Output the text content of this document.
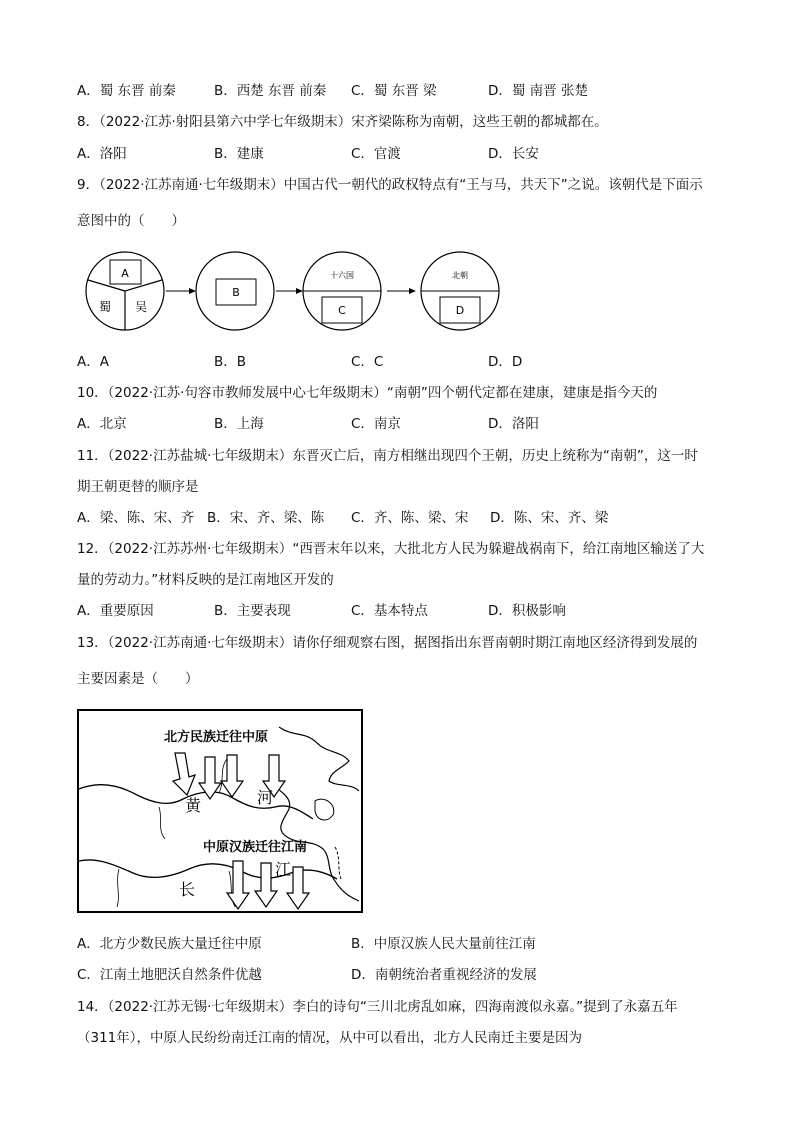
A．蜀 东晋 前秦	B．西楚 东晋 前秦 C．蜀 东晋 梁	D．蜀 南晋 张楚
8．（2022·江苏·射阳县第六中学七年级期末）宋齐梁陈称为南朝，这些王朝的都城都在。
A．洛阳	B．建康	C．官渡	D．长安
9．（2022·江苏南通·七年级期末）中国古代一朝代的政权特点有“王与马，共天下”之说。该朝代是下面示
意图中的（　　）
A
蜀 吴
B
十六国
C
北朝
D
A．A	B．B	C．C	D．D
10．（2022·江苏·句容市教师发展中心七年级期末）“南朝”四个朝代定都在建康，建康是指今天的
A．北京	B．上海	C．南京	D．洛阳
11．（2022·江苏盐城·七年级期末）东晋灭亡后，南方相继出现四个王朝，历史上统称为“南朝”，这一时
期王朝更替的顺序是
A．梁、陈、宋、齐 B．宋、齐、梁、陈 C．齐、陈、梁、宋 D．陈、宋、齐、梁
12．（2022·江苏苏州·七年级期末）“西晋末年以来，大批北方人民为躲避战祸南下，给江南地区输送了大
量的劳动力。”材料反映的是江南地区开发的
A．重要原因	B．主要表现	C．基本特点	D．积极影响
13．（2022·江苏南通·七年级期末）请你仔细观察右图，据图指出东晋南朝时期江南地区经济得到发展的
主要因素是（　　）
北方民族迁往中原
黄	河
中原汉族迁往江南
长
江
A．北方少数民族大量迁往中原	B．中原汉族人民大量前往江南
C．江南土地肥沃自然条件优越	D．南朝统治者重视经济的发展
14．（2022·江苏无锡·七年级期末）李白的诗句“三川北虏乱如麻，四海南渡似永嘉。”提到了永嘉五年
（311年），中原人民纷纷南迁江南的情况，从中可以看出，北方人民南迁主要是因为
